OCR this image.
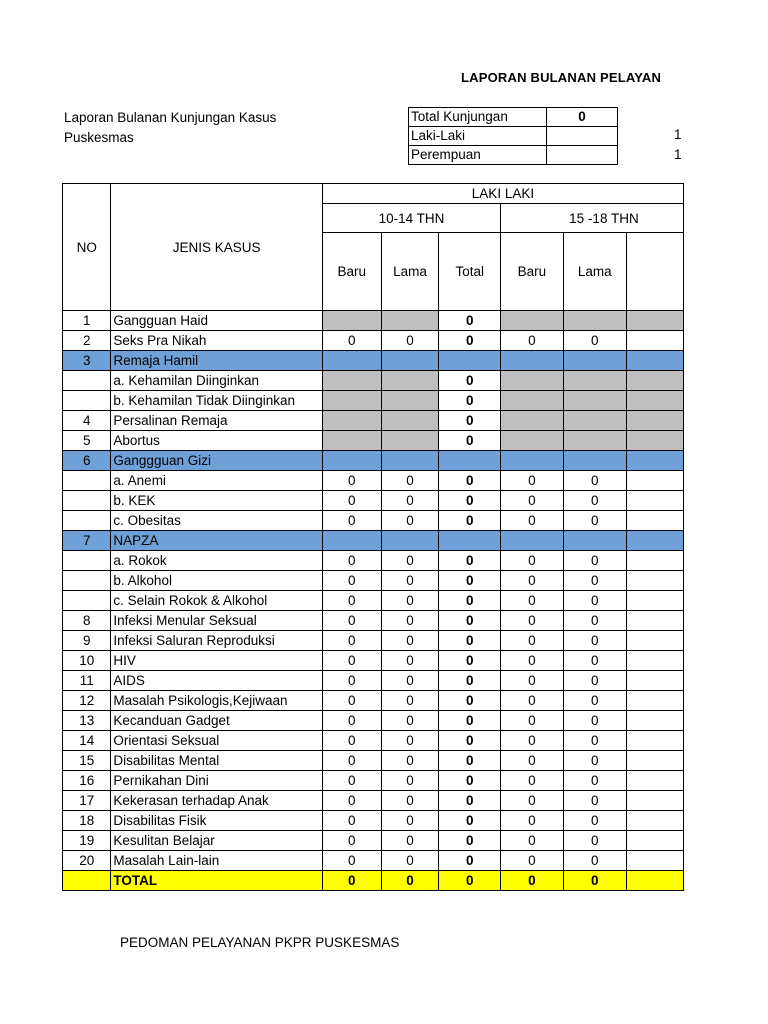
LAPORAN BULANAN PELAYAN
Laporan Bulanan Kunjungan Kasus
Puskesmas
Total Kunjungan	0
Laki-Laki	
Perempuan	
1
1
NO	JENIS KASUS	LAKI LAKI					
		10-14 THN			15 -18 THN		
		Baru	Lama	Total	Baru	Lama	
1	Gangguan Haid			0			
2	Seks Pra Nikah	0	0	0	0	0	
3	Remaja Hamil						
	a. Kehamilan Diinginkan			0			
	b. Kehamilan Tidak Diinginkan			0			
4	Persalinan Remaja			0			
5	Abortus			0			
6	Ganggguan Gizi						
	a. Anemi	0	0	0	0	0	
	b. KEK	0	0	0	0	0	
	c. Obesitas	0	0	0	0	0	
7	NAPZA						
	a. Rokok	0	0	0	0	0	
	b. Alkohol	0	0	0	0	0	
	c. Selain Rokok & Alkohol	0	0	0	0	0	
8	Infeksi Menular Seksual	0	0	0	0	0	
9	Infeksi Saluran Reproduksi	0	0	0	0	0	
10	HIV	0	0	0	0	0	
11	AIDS	0	0	0	0	0	
12	Masalah Psikologis,Kejiwaan	0	0	0	0	0	
13	Kecanduan Gadget	0	0	0	0	0	
14	Orientasi Seksual	0	0	0	0	0	
15	Disabilitas Mental	0	0	0	0	0	
16	Pernikahan Dini	0	0	0	0	0	
17	Kekerasan terhadap Anak	0	0	0	0	0	
18	Disabilitas Fisik	0	0	0	0	0	
19	Kesulitan Belajar	0	0	0	0	0	
20	Masalah Lain-lain	0	0	0	0	0	
	TOTAL	0	0	0	0	0	
PEDOMAN PELAYANAN PKPR PUSKESMAS
